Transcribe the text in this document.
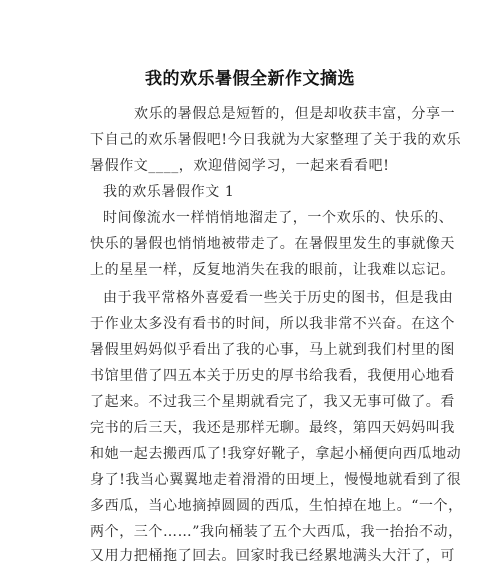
我的欢乐暑假全新作文摘选
欢乐的暑假总是短暂的，但是却收获丰富，分享一
下自己的欢乐暑假吧!今日我就为大家整理了关于我的欢乐
暑假作文____，欢迎借阅学习，一起来看看吧!
我的欢乐暑假作文 1
时间像流水一样悄悄地溜走了，一个欢乐的、快乐的、
快乐的暑假也悄悄地被带走了。在暑假里发生的事就像天
上的星星一样，反复地消失在我的眼前，让我难以忘记。
由于我平常格外喜爱看一些关于历史的图书，但是我由
于作业太多没有看书的时间，所以我非常不兴奋。在这个
暑假里妈妈似乎看出了我的心事，马上就到我们村里的图
书馆里借了四五本关于历史的厚书给我看，我便用心地看
了起来。不过我三个星期就看完了，我又无事可做了。看
完书的后三天，我还是那样无聊。最终，第四天妈妈叫我
和她一起去搬西瓜了!我穿好靴子，拿起小桶便向西瓜地动
身了!我当心翼翼地走着滑滑的田埂上，慢慢地就看到了很
多西瓜，当心地摘掉圆圆的西瓜，生怕掉在地上。“一个，
两个，三个……”我向桶装了五个大西瓜，我一抬抬不动，
又用力把桶拖了回去。回家时我已经累地满头大汗了，可
